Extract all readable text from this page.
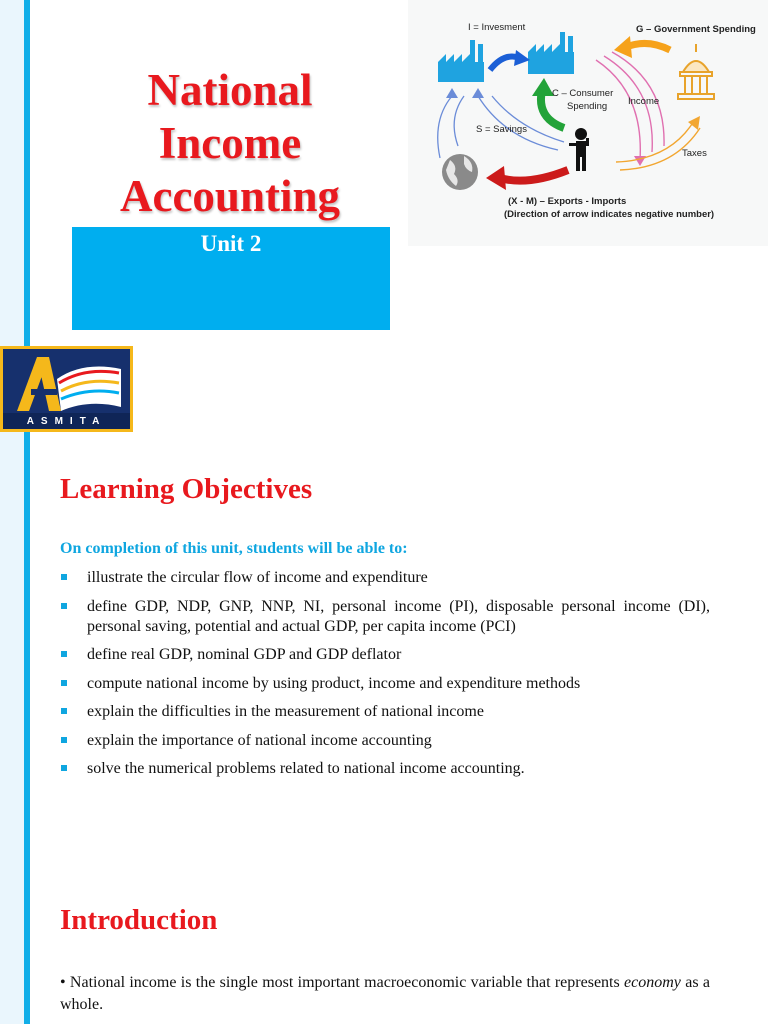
National
Income
Accounting
Unit 2
I = Invesment	G – Government Spending
C – Consumer
Spending Income
S = Savings
Taxes
(X - M) – Exports - Imports
(Direction of arrow indicates negative number)
ASMITA
Learning Objectives
On completion of this unit, students will be able to:
illustrate the circular flow of income and expenditure
define GDP, NDP, GNP, NNP, NI, personal income (PI), disposable personal income (DI), personal saving, potential and actual GDP, per capita income (PCI)
define real GDP, nominal GDP and GDP deflator
compute national income by using product, income and expenditure methods
explain the difficulties in the measurement of national income
explain the importance of national income accounting
solve the numerical problems related to national income accounting.
Introduction
• National income is the single most important macroeconomic variable that represents economy as a whole.
